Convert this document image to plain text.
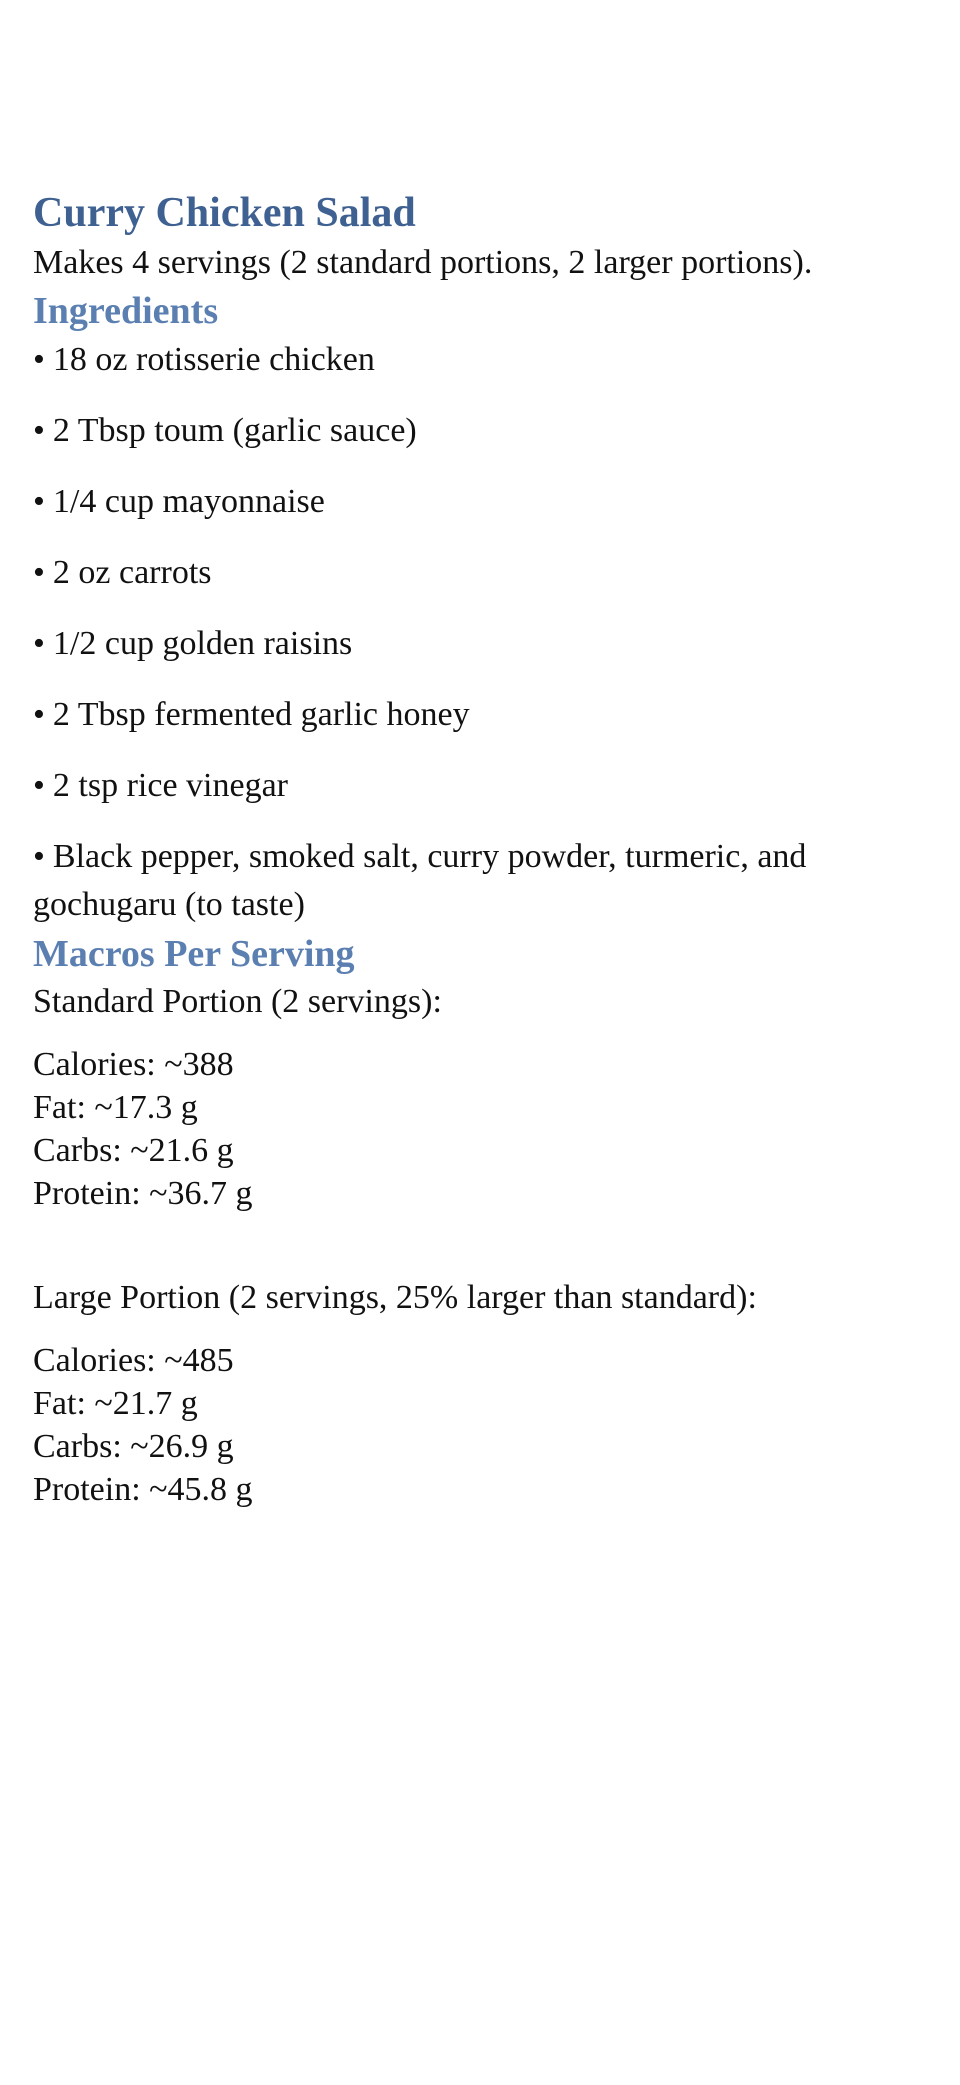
Curry Chicken Salad

Makes 4 servings (2 standard portions, 2 larger portions).

Ingredients
• 18 oz rotisserie chicken
• 2 Tbsp toum (garlic sauce)
• 1/4 cup mayonnaise
• 2 oz carrots
• 1/2 cup golden raisins
• 2 Tbsp fermented garlic honey
• 2 tsp rice vinegar
• Black pepper, smoked salt, curry powder, turmeric, and gochugaru (to taste)
Macros Per Serving

Standard Portion (2 servings):

Calories: ~388
Fat: ~17.3 g
Carbs: ~21.6 g
Protein: ~36.7 g

Large Portion (2 servings, 25% larger than standard):

Calories: ~485
Fat: ~21.7 g
Carbs: ~26.9 g
Protein: ~45.8 g
